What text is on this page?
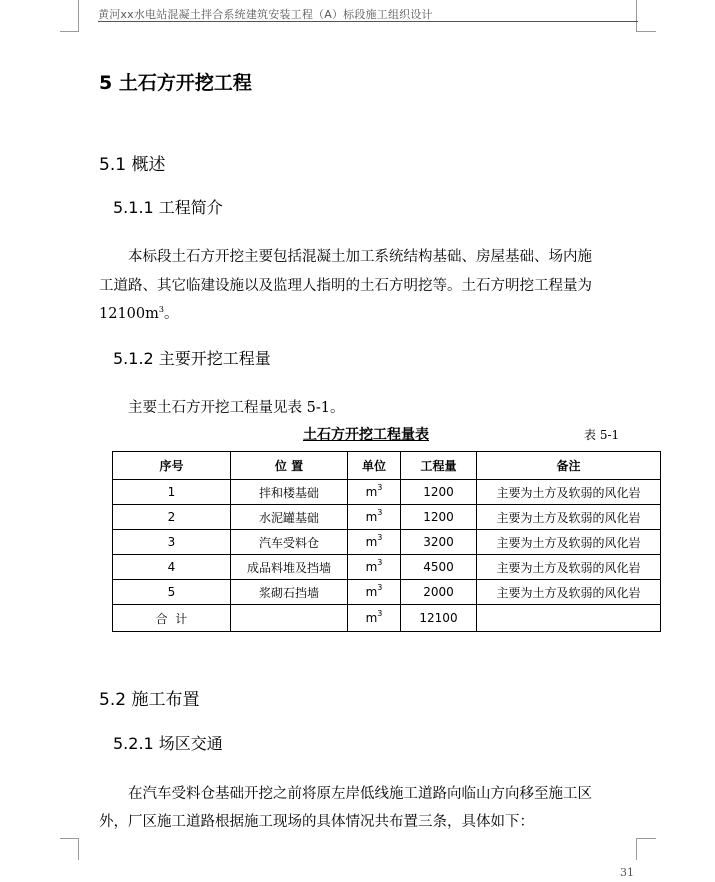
黄河xx水电站混凝土拌合系统建筑安装工程（A）标段施工组织设计
5 土石方开挖工程
5.1 概述
5.1.1 工程简介
本标段土石方开挖主要包括混凝土加工系统结构基础、房屋基础、场内施
工道路、其它临建设施以及监理人指明的土石方明挖等。土石方明挖工程量为
$12100m^3$。
5.1.2 主要开挖工程量
主要土石方开挖工程量见表 5-1。
土石方开挖工程量表	表 5-1
序号	位 置	单位	工程量	备注
1	拌和楼基础	$m^3$	1200	主要为土方及软弱的风化岩
2	水泥罐基础	$m^3$	1200	主要为土方及软弱的风化岩
3	汽车受料仓	$m^3$	3200	主要为土方及软弱的风化岩
4	成品料堆及挡墙	$m^3$	4500	主要为土方及软弱的风化岩
5	浆砌石挡墙	$m^3$	2000	主要为土方及软弱的风化岩
合  计		$m^3$	12100	
5.2 施工布置
5.2.1 场区交通
在汽车受料仓基础开挖之前将原左岸低线施工道路向临山方向移至施工区
外，厂区施工道路根据施工现场的具体情况共布置三条，具体如下：
31
